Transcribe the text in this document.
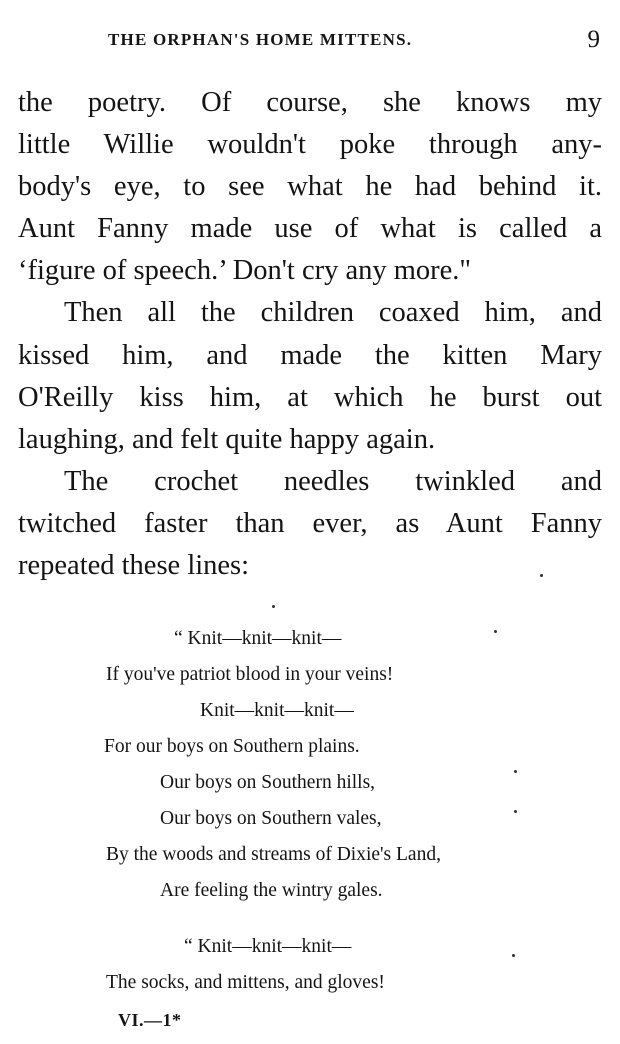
THE ORPHAN'S HOME MITTENS.	9
the poetry. Of course, she knows my
little Willie wouldn't poke through any-
body's eye, to see what he had behind it.
Aunt Fanny made use of what is called a
‘figure of speech.’ Don't cry any more."
Then all the children coaxed him, and
kissed him, and made the kitten Mary
O'Reilly kiss him, at which he burst out
laughing, and felt quite happy again.
The crochet needles twinkled and
twitched faster than ever, as Aunt Fanny
repeated these lines:
“ Knit—knit—knit—
If you've patriot blood in your veins!
Knit—knit—knit—
For our boys on Southern plains.
Our boys on Southern hills,
Our boys on Southern vales,
By the woods and streams of Dixie's Land,
Are feeling the wintry gales.
“ Knit—knit—knit—
The socks, and mittens, and gloves!
VI.—1*
